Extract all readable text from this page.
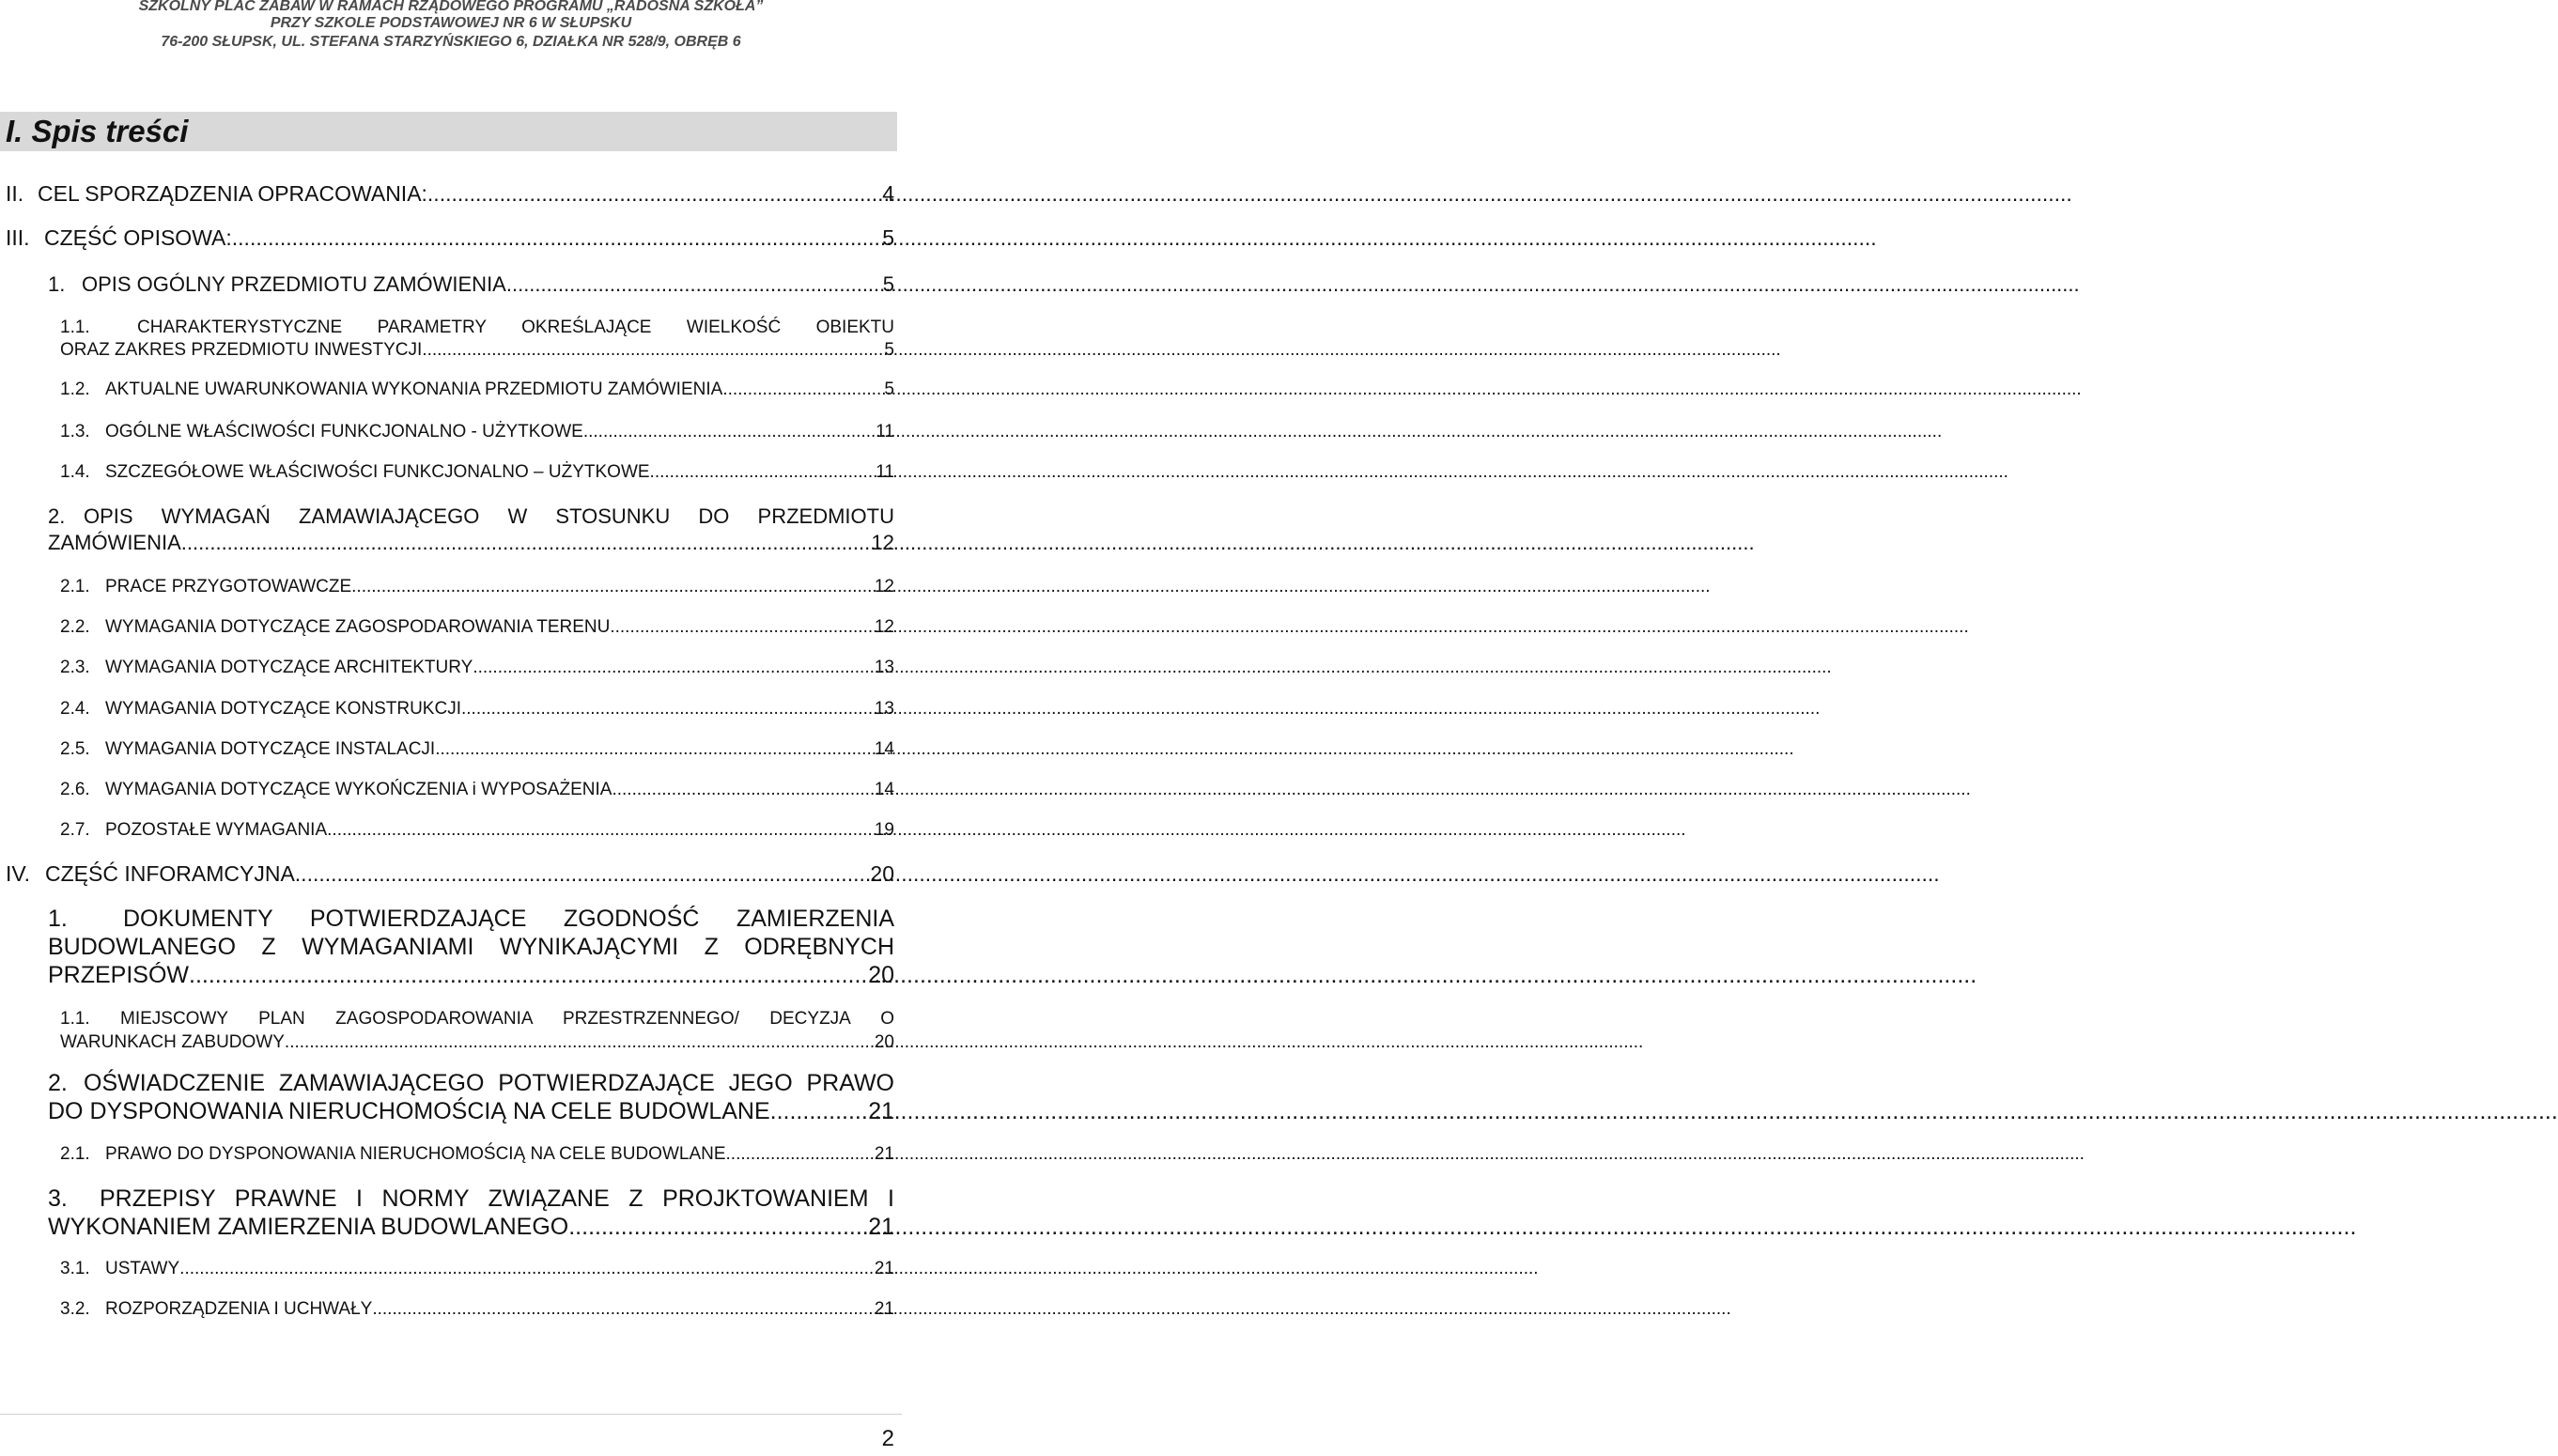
SZKOLNY PLAC ZABAW W RAMACH RZĄDOWEGO PROGRAMU „RADOSNA SZKOŁA”
PRZY SZKOLE PODSTAWOWEJ NR 6 W SŁUPSKU
76-200 SŁUPSK, UL. STEFANA STARZYŃSKIEGO 6, DZIAŁKA NR 528/9, OBRĘB 6
I. Spis treści
II. CEL SPORZĄDZENIA OPRACOWANIA: .....	4
III. CZĘŚĆ OPISOWA: .....	5
1. OPIS OGÓLNY PRZEDMIOTU ZAMÓWIENIA .....	5
1.1.	CHARAKTERYSTYCZNE PARAMETRY OKREŚLAJĄCE WIELKOŚĆ OBIEKTU
ORAZ ZAKRES PRZEDMIOTU INWESTYCJI .....	5
1.2. AKTUALNE UWARUNKOWANIA WYKONANIA PRZEDMIOTU ZAMÓWIENIA .....	5
1.3. OGÓLNE WŁAŚCIWOŚCI FUNKCJONALNO - UŻYTKOWE .....	11
1.4. SZCZEGÓŁOWE WŁAŚCIWOŚCI FUNKCJONALNO – UŻYTKOWE .....	11
2. OPIS WYMAGAŃ ZAMAWIAJĄCEGO W STOSUNKU DO PRZEDMIOTU
ZAMÓWIENIA .....	12
2.1. PRACE PRZYGOTOWAWCZE .....	12
2.2. WYMAGANIA DOTYCZĄCE ZAGOSPODAROWANIA TERENU .....	12
2.3. WYMAGANIA DOTYCZĄCE ARCHITEKTURY .....	13
2.4. WYMAGANIA DOTYCZĄCE KONSTRUKCJI .....	13
2.5. WYMAGANIA DOTYCZĄCE INSTALACJI .....	14
2.6. WYMAGANIA DOTYCZĄCE WYKOŃCZENIA i WYPOSAŻENIA .....	14
2.7. POZOSTAŁE WYMAGANIA .....	19
IV. CZĘŚĆ INFORAMCYJNA .....	20
1.	DOKUMENTY POTWIERDZAJĄCE ZGODNOŚĆ ZAMIERZENIA
BUDOWLANEGO Z WYMAGANIAMI WYNIKAJĄCYMI Z ODRĘBNYCH
PRZEPISÓW .....	20
1.1.	MIEJSCOWY PLAN ZAGOSPODAROWANIA PRZESTRZENNEGO/ DECYZJA O
WARUNKACH ZABUDOWY .....	20
2. OŚWIADCZENIE ZAMAWIAJĄCEGO POTWIERDZAJĄCE JEGO PRAWO
DO DYSPONOWANIA NIERUCHOMOŚCIĄ NA CELE BUDOWLANE .....	21
2.1. PRAWO DO DYSPONOWANIA NIERUCHOMOŚCIĄ NA CELE BUDOWLANE .....	21
3.	PRZEPISY PRAWNE I NORMY ZWIĄZANE Z PROJKTOWANIEM I
WYKONANIEM ZAMIERZENIA BUDOWLANEGO .....	21
3.1. USTAWY .....	21
3.2. ROZPORZĄDZENIA I UCHWAŁY .....	21
2
